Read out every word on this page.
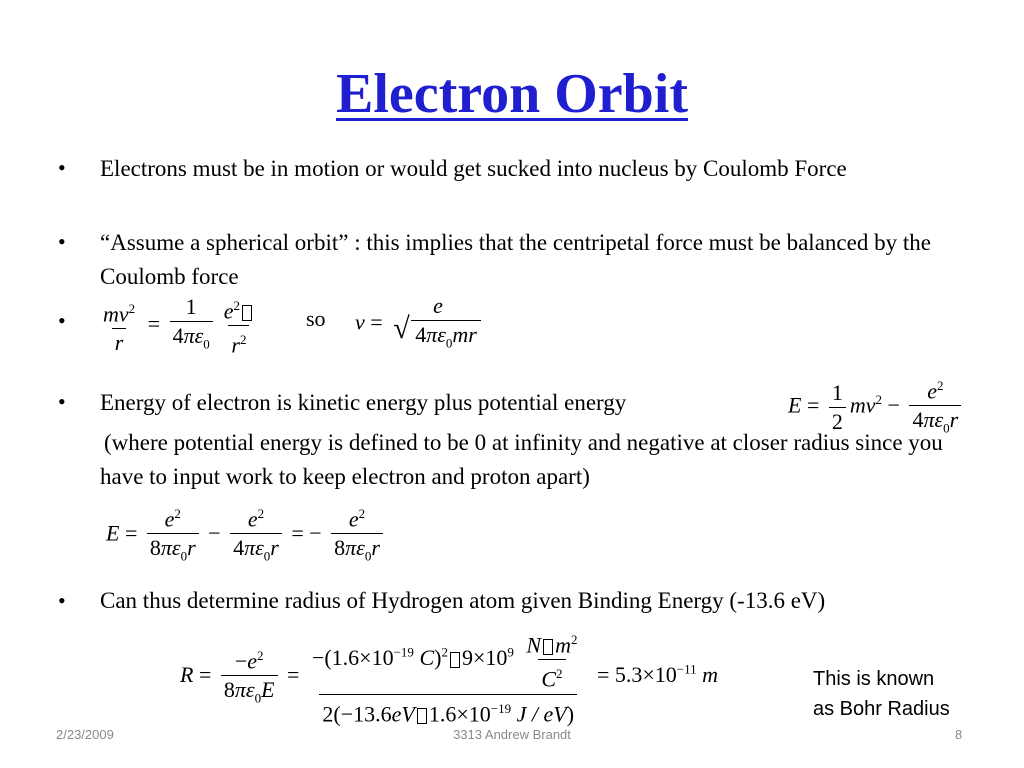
Electron Orbit
• Electrons must be in motion or would get sucked into nucleus by Coulomb Force
• “Assume a spherical orbit” : this implies that the centripetal force must be balanced by the Coulomb force
• $\frac{mv^2}{r} = \frac{1}{4\pi\varepsilon_0} \frac{e^2}{r^2}$ so v =
e
√ $4\pi\varepsilon_0mr$
• Energy of electron is kinetic energy plus potential energy	$E = \frac{1}{2} mv^2 - \frac{e^2}{4\pi\varepsilon_0r}$
(where potential energy is defined to be 0 at infinity and negative at closer radius since you have to input work to keep electron and proton apart)
$E = \frac{e^2}{8\pi\varepsilon_0r} - \frac{e^2}{4\pi\varepsilon_0r}$ = − $\frac{e^2}{8\pi\varepsilon_0r}$
• Can thus determine radius of Hydrogen atom given Binding Energy (-13.6 eV)
$R = \frac{-e^2}{8\pi\varepsilon_0E} = \frac{-(1.6\times 10^{-19} C)^2 9\times 10^9 \frac{N m^2}{C^2}}{2(-13.6eV 1.6\times 10^{-19} J / eV)} = 5.3\times 10^{-11}$ m	This is known
as Bohr Radius
2/23/2009	3313 Andrew Brandt	8
